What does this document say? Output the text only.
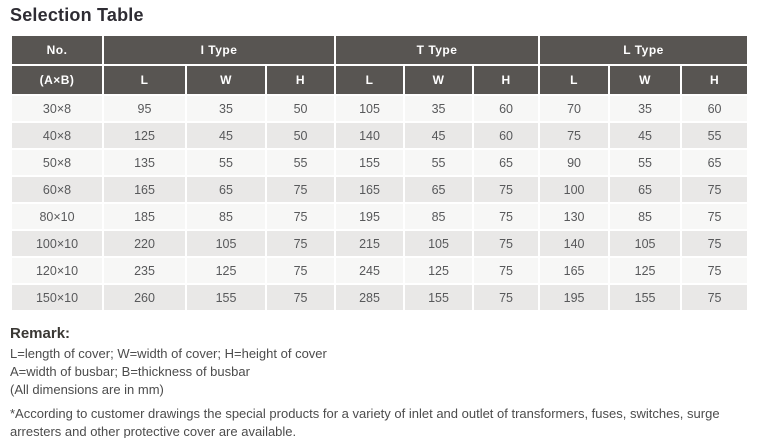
Selection Table
No.	I Type			T Type			L Type		
(A×B)	L	W	H	L	W	H	L	W	H
30×8	95	35	50	105	35	60	70	35	60
40×8	125	45	50	140	45	60	75	45	55
50×8	135	55	55	155	55	65	90	55	65
60×8	165	65	75	165	65	75	100	65	75
80×10	185	85	75	195	85	75	130	85	75
100×10	220	105	75	215	105	75	140	105	75
120×10	235	125	75	245	125	75	165	125	75
150×10	260	155	75	285	155	75	195	155	75
Remark:
L=length of cover; W=width of cover; H=height of cover
A=width of busbar; B=thickness of busbar
(All dimensions are in mm)
*According to customer drawings the special products for a variety of inlet and outlet of transformers, fuses, switches, surge arresters and other protective cover are available.
